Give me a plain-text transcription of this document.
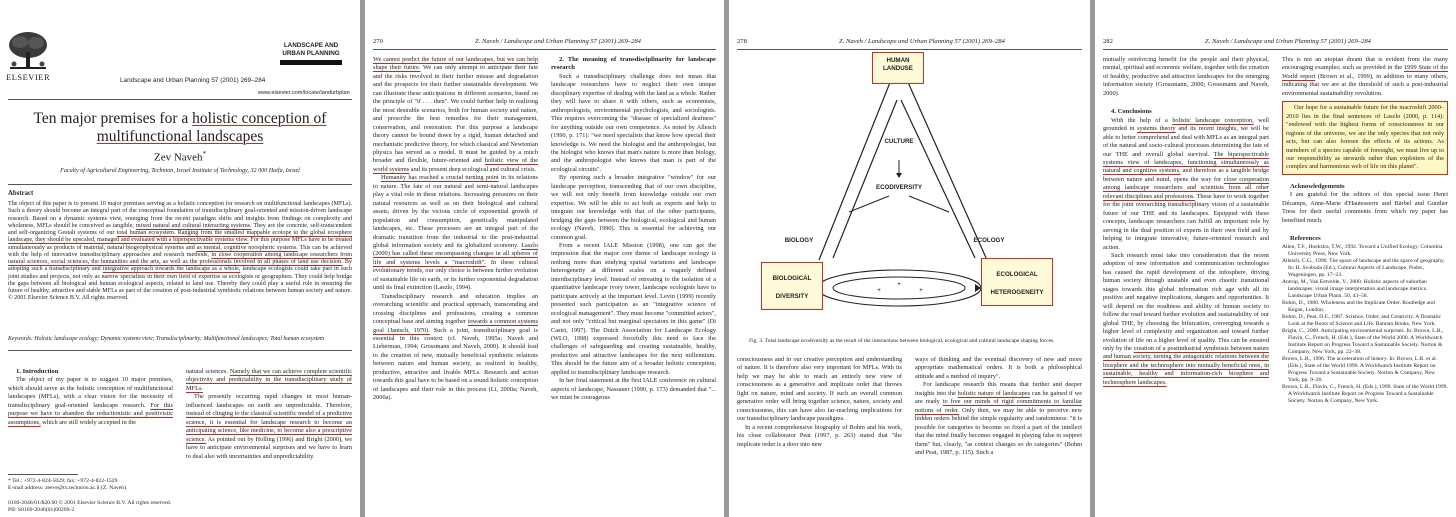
ELSEVIER	Landscape and Urban Planning 57 (2001) 269–284
LANDSCAPE AND URBAN PLANNING
www.elsevier.com/locate/landurbplan
Ten major premises for a holistic conception of
multifunctional landscapes
Zev Naveh*
Faculty of Agricultural Engineering, Technion, Israel Institute of Technology, 32 000 Haifa, Israel
Abstract
The object of this paper is to present 10 major premises serving as a holistic conception for research on multifunctional landscapes (MFLs). Such a theory should become an integral part of the conceptual foundation of transdisciplinary goal-oriented and mission-driven landscape research. Based on a dynamic systems view, emerging from the recent paradigm shifts and insights from findings on complexity and wholeness, MFLs should be conceived as tangible, mixed natural and cultural interacting systems. They are the concrete, self-transcendent and self-organizing Gestalt systems of our total human ecosystem. Ranging from the smallest mappable ecotope to the global ecosphere landscape, they should be upscaled, managed and evaluated with a biperspectivable systems view. For this purpose MFLs have to be treated simultaneously as products of material, natural biogeophysical systems and as mental, cognitive noospheric systems. This can be achieved with the help of innovative transdisciplinary approaches and research methods, in close cooperation among landscape researchers from natural sciences, social sciences, the humanities and the arts, as well as the professionals involved in all phases of land use decision. By adopting such a transdisciplinary and integrative approach towards the landscape as a whole, landscape ecologists could take part in such joint studies and projects, not only as narrow specialists in their own field of expertise as ecologists or geographers. They could help bridge the gaps between all biological and human ecological aspects, related to land use. Thereby they could play a useful role in ensuring the future of healthy, attractive and stable MFLs as part of the creation of post-industrial symbiotic relations between human society and nature. © 2001 Elsevier Science B.V. All rights reserved.
Keywords: Holistic landscape ecology; Dynamic systems view; Transdisciplinarity; Multifunctional landscapes; Total human ecosystem

1. Introduction

The object of my paper is to suggest 10 major premises, which should serve as the holistic conception of multifunctional landscapes (MFLs), with a clear vision for the necessity of transdisciplinary goal-oriented landscape research. For this purpose we have to abandon the reductionistic and positivistic assumptions, which are still widely accepted in the

natural sciences. Namely that we can achieve complete scientific objectivity and predictability in the transdisciplinary study of MFLs.

The presently occurring rapid changes in most human-influenced landscapes on earth are unpredictable. Therefore, instead of clinging to the classical scientific model of a predictive science, it is essential for landscape research to become an anticipating science, like medicine, to become also a prescriptive science. As pointed out by Holling (1996) and Bright (2000), we have to anticipate environmental surprises and we have to learn to deal also with uncertainties and unpredictability.

* Tel.: +972-4-824-5029; fax: +972-4-822-1529.
E-mail address: zeeve@tx.technion.ac.il (Z. Naveh).
0169-2046/01/$20.00 © 2001 Elsevier Science B.V. All rights reserved.
PII: S0169-2046(01)00209-2
270	Z. Naveh / Landscape and Urban Planning 57 (2001) 269–284

We cannot predict the future of our landscapes, but we can help shape their future. We can only attempt to anticipate their fate and the risks involved in their further misuse and degradation and the prospects for their further sustainable development. We can illustrate these anticipations in different scenarios, based on the principle of "if . . . then". We could further help in realizing the most desirable scenarios, both for human society and nature, and prescribe the best remedies for their management, conservation, and restoration. For this purpose a landscape theory cannot be bound down by a rigid, human detached and mechanistic predictive theory, for which classical and Newtonian physics has served as a model. It must be guided by a much broader and flexible, future-oriented and holistic view of the world systems and its present deep ecological and cultural crisis.

Humanity has reached a crucial turning point in its relations to nature. The fate of our natural and semi-natural landscapes play a vital role in these relations. Increasing pressures on their natural resources as well as on their biological and cultural assets, driven by the vicious circle of exponential growth of population and consumption, genetically manipulated landscapes, etc. These processes are an integral part of the dramatic transition from the industrial to the post-industrial global information society and its globalized economy. Laszlo (2000) has called these encompassing changes in all spheres of life and systems levels a "macroshift". In these cultural evolutionary trends, our only choice is between further evolution of sustainable life on earth, or its further exponential degradation until its final extinction (Laszlo, 1994).

Transdisciplinary research and education implies an overarching scientific and practical approach, transcending and crossing disciplines and professions, creating a common conceptual base and aiming together towards a common systems goal (Jantsch, 1970). Such a joint, transdisciplinary goal is essential in this context (cf. Naveh, 1995a; Naveh and Lieberman, 1994; Grossmann and Naveh, 2000). It should lead to the creation of new, mutually beneficial symbiotic relations between nature and human society, as realized in healthy, productive, attractive and livable MFLs. Research and action towards this goal have to be based on a sound holistic conception of landscapes and their role in this process (Li, 2000a; Naveh, 2000a).

2. The meaning of transdisciplinarity for landscape research

Such a transdisciplinary challenge does not mean that landscape researchers have to neglect their own unique disciplinary expertise of dealing with the land as a whole. Rather they will have to share it with others, such as economists, anthropologists, environmental psychologists, and sociologists. This requires overcoming the "disease of specialized deafness" for anything outside our own competence. As noted by Allesch (1990, p. 171): "we need specialists that know how special their knowledge is. We need the biologist and the anthropologist, but the biologist who knows that man's nature is more than biology, and the anthropologist who knows that man is part of the ecological circuits".

By opening such a broader integrative "window" for our landscape perception, transcending that of our own discipline, we will not only benefit from knowledge outside our own expertise. We will be able to act both as experts and help to integrate our knowledge with that of the other participants, bridging the gaps between the biological, ecological and human ecology (Naveh, 1990). This is essential for achieving our common goal.

From a recent IALE Mission (1998), one can get the impression that the major core theme of landscape ecology is nothing more than studying spatial variations and landscape heterogeneity at different scales on a vaguely defined interdisciplinary level. Instead of retreating to the isolation of a quantitative landscape ivory tower, landscape ecologists have to participate actively at the important level. Levin (1999) recently presented such participation as an "integrative science of ecological management". They must become "committed actors", and not only "critical but marginal spectators in this game" (Di Castri, 1997). The Dutch Association for Landscape Ecology (WLO, 1998) expressed forcefully this need to face the challenges of safeguarding and creating sustainable, healthy, productive and attractive landscapes for the next millennium. This should be the future aim of a broader holistic conception, applied to transdisciplinary landscape research.

In her final statement at the first IALE conference on cultural aspects of landscape, Nassauer (1990, p. 173) demanded that "... we must be courageous

278	Z. Naveh / Landscape and Urban Planning 57 (2001) 269–284
+
+	+
HUMAN LANDUSE
CULTURE
ECODIVERSITY
BIOLOGY	ECOLOGY
BIOLOGICAL DIVERSITY
ECOLOGICAL HETEROGENEITY
Fig. 3. Total landscape ecodiversity as the result of the interactions between biological, ecological and cultural landscape shaping forces.

consciousness and in our creative perception and understanding of nature. It is therefore also very important for MFLs. With its help we may be able to reach an entirely new view of consciousness as a generative and implicate order that throws light on nature, mind and society. If such an overall common generative order will bring together science, nature, society and consciousness, this can have also far-reaching implications for our transdisciplinary landscape paradigms.

In a recent comprehensive biography of Bohm and his work, his close collaborator Peat (1997, p. 263) stated that "the implicate order is a door into new

ways of thinking and the eventual discovery of new and more appropriate mathematical orders. It is both a philosophical attitude and a method of inquiry".

For landscape research this means that further and deeper insights into the holistic nature of landscapes can be gained if we are ready to free our minds of rigid commitments to familiar notions of order. Only then, we may be able to perceive new hidden orders behind the simple regularity and randomness: "it is possible for categories to become so fixed a part of the intellect that the mind finally becomes engaged in playing false to support them" but, clearly, "as context changes so do categories" (Bohm and Peat, 1987, p. 115). Such a

282	Z. Naveh / Landscape and Urban Planning 57 (2001) 269–284

mutually reinforcing benefit for the people and their physical, mental, spiritual and economic welfare, together with the creation of healthy, productive and attractive landscapes for the emerging information society (Grossmann, 2000; Grossmann and Naveh, 2000).

4. Conclusions

With the help of a holistic landscape conception, well grounded in systems theory and its recent insights, we will be able to better comprehend and deal with MFLs as an integral part of the natural and socio-cultural processes determining the fate of our THE and overall global survival. The biperspectivable systems view of landscapes, functioning simultaneously as natural and cognitive systems, and therefore as a tangible bridge between nature and mind, opens the way for close cooperation among landscape researchers and scientists from all other relevant disciplines and professions. These have to work together for the joint overarching transdisciplinary vision of a sustainable future of our THE and its landscapes. Equipped with these concepts, landscape researchers can fulfill an important role by serving in the dual position of experts in their own field and by helping to integrate innovative, future-oriented research and action.

Such research must take into consideration that the recent adoption of new information and communication technologies has caused the rapid development of the infosphere, driving human society through unstable and even chaotic transitional stages towards this global information rich age with all its positive and negative implications, dangers and opportunities. It will depend on the readiness and ability of human society to follow the road toward further evolution and sustainability of our global THE, by choosing the bifurcation, converging towards a higher level of complexity and organization and toward further evolution of life on a higher level of quality. This can be ensured only by the creation of a postindustrial symbiosis between nature and human society, turning the antagonistic relations between the biosphere and the technosphere into mutually beneficial ones, in sustainable, healthy and information-rich biosphere and technosphere landscapes.

This is not an utopian dream that is evident from the many encouraging examples; such as provided in the 1999 State of the World report (Brown et al., 1999), in addition to many others, indicating that we are at the threshold of such a post-industrial environmental sustainability revolution.

Our hope for a sustainable future for the macroshift 2000–2010 lies in the final sentences of Laszlo (2000, p. 114): "endowed with the highest forms of consciousness in our regions of the universe, we are the only species that not only acts, but can also foresee the effects of its actions. As members of a species capable of foresight, we must live up to our responsibility as stewards rather than exploiters of the complex and harmonious web of life on this planet".

Acknowledgements

I am grateful for the editors of this special issue Henri Décamps, Anne-Marie d'Hautesserre and Bärbel and Gunther Tress for their useful comments from which my paper has benefited much.

References

Allen, T.F., Hoekstra, T.W., 1992. Toward a Unified Ecology. Columbia University Press, New York.
Allesch, C.G., 1990. The space of landscape and the space of geography. In: H. Svoboda (Ed.), Cultural Aspects of Landscape. Pudoc, Wageningen, pp. 17–23.
Antrop, M., Van Eetvelde, V., 2000. Holistic aspects of suburban landscapes: visual image interpretation and landscape metrics. Landscape Urban Plann. 50, 43–58.
Bohm, D., 1980. Wholeness and the Implicate Order. Routledge and Kegan, London.
Bohm, D., Peat, D.F., 1987. Science, Order, and Creativity. A Dramatic Look at the Roots of Science and Life. Bantam Books, New York.
Bright, C., 2000. Anticipating environmental surprises. In: Brown, L.R., Flavin, C., French, H. (Eds.), State of the World 2000. A Worldwatch Institute Report on Progress Toward a Sustainable Society. Norton & Company, New York, pp. 22–38.
Brown, L.R., 1996. The acceleration of history. In: Brown, L.R. et al. (Eds.), State of the World 1996. A Worldwatch Institute Report on Progress Toward a Sustainable Society. Norton & Company, New York, pp. 9–26.
Brown, L.R., Flavin, C., French, H. (Eds.), 1999. State of the World 1999. A Worldwatch Institute Report on Progress Toward a Sustainable Society. Norton & Company, New York.
